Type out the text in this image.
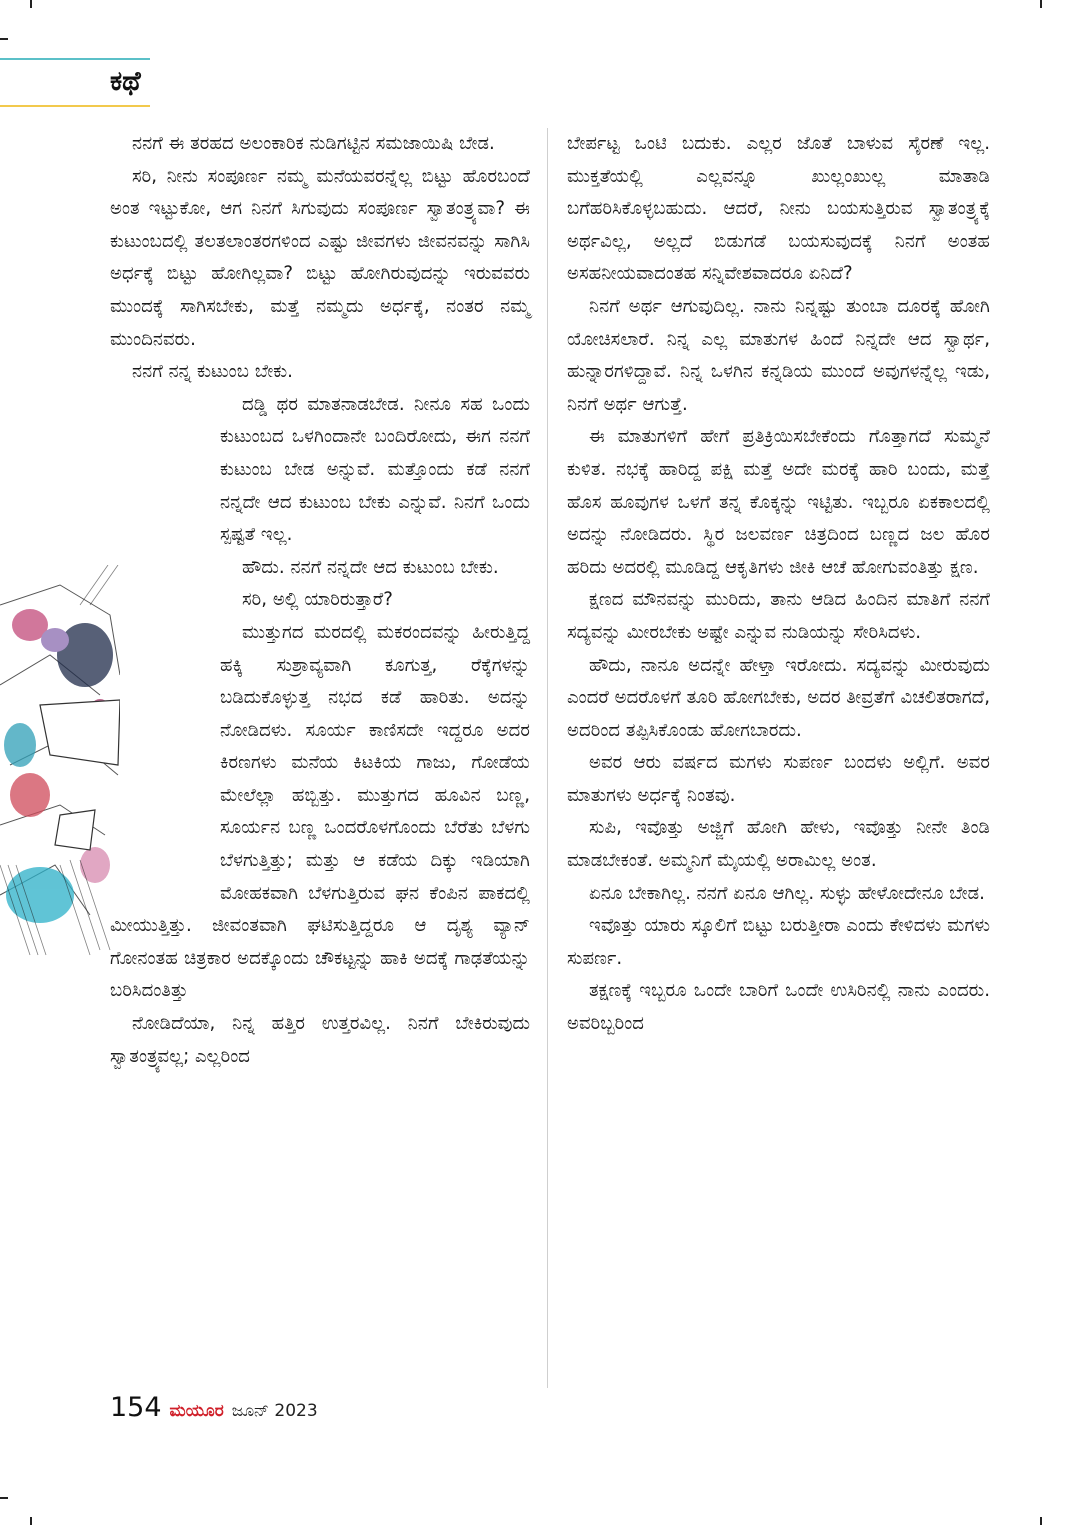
ಕಥೆ

ನನಗೆ ಈ ತರಹದ ಅಲಂಕಾರಿಕ ನುಡಿಗಟ್ಟಿನ ಸಮಜಾಯಿಷಿ ಬೇಡ.

ಸರಿ, ನೀನು ಸಂಪೂರ್ಣ ನಮ್ಮ ಮನೆಯವರನ್ನೆಲ್ಲ ಬಿಟ್ಟು ಹೊರಬಂದೆ ಅಂತ ಇಟ್ಟುಕೋ, ಆಗ ನಿನಗೆ ಸಿಗುವುದು ಸಂಪೂರ್ಣ ಸ್ವಾತಂತ್ರ್ಯವಾ? ಈ ಕುಟುಂಬದಲ್ಲಿ ತಲತಲಾಂತರಗಳಿಂದ ಎಷ್ಟು ಜೀವಗಳು ಜೀವನವನ್ನು ಸಾಗಿಸಿ ಅರ್ಧಕ್ಕೆ ಬಿಟ್ಟು ಹೋಗಿಲ್ಲವಾ? ಬಿಟ್ಟು ಹೋಗಿರುವುದನ್ನು ಇರುವವರು ಮುಂದಕ್ಕೆ ಸಾಗಿಸಬೇಕು, ಮತ್ತೆ ನಮ್ಮದು ಅರ್ಧಕ್ಕೆ, ನಂತರ ನಮ್ಮ ಮುಂದಿನವರು.

ನನಗೆ ನನ್ನ ಕುಟುಂಬ ಬೇಕು.

ದಡ್ಡಿ ಥರ ಮಾತನಾಡಬೇಡ. ನೀನೂ ಸಹ ಒಂದು ಕುಟುಂಬದ ಒಳಗಿಂದಾನೇ ಬಂದಿರೋದು, ಈಗ ನನಗೆ ಕುಟುಂಬ ಬೇಡ ಅನ್ನುವೆ. ಮತ್ತೊಂದು ಕಡೆ ನನಗೆ ನನ್ನದೇ ಆದ ಕುಟುಂಬ ಬೇಕು ಎನ್ನುವೆ. ನಿನಗೆ ಒಂದು ಸ್ಪಷ್ಟತೆ ಇಲ್ಲ.

ಹೌದು. ನನಗೆ ನನ್ನದೇ ಆದ ಕುಟುಂಬ ಬೇಕು.

ಸರಿ, ಅಲ್ಲಿ ಯಾರಿರುತ್ತಾರೆ?

ಮುತ್ತುಗದ ಮರದಲ್ಲಿ ಮಕರಂದವನ್ನು ಹೀರುತ್ತಿದ್ದ ಹಕ್ಕಿ ಸುಶ್ರಾವ್ಯವಾಗಿ ಕೂಗುತ್ತ, ರೆಕ್ಕೆಗಳನ್ನು ಬಡಿದುಕೊಳ್ಳುತ್ತ ನಭದ ಕಡೆ ಹಾರಿತು. ಅದನ್ನು ನೋಡಿದಳು. ಸೂರ್ಯ ಕಾಣಿಸದೇ ಇದ್ದರೂ ಅದರ ಕಿರಣಗಳು ಮನೆಯ ಕಿಟಕಿಯ ಗಾಜು, ಗೋಡೆಯ ಮೇಲೆಲ್ಲಾ ಹಬ್ಬಿತ್ತು. ಮುತ್ತುಗದ ಹೂವಿನ ಬಣ್ಣ, ಸೂರ್ಯನ ಬಣ್ಣ ಒಂದರೊಳಗೊಂದು ಬೆರೆತು ಬೆಳಗು ಬೆಳಗುತ್ತಿತ್ತು; ಮತ್ತು ಆ ಕಡೆಯ ದಿಕ್ಕು ಇಡಿಯಾಗಿ ಮೋಹಕವಾಗಿ ಬೆಳಗುತ್ತಿರುವ ಘನ ಕೆಂಪಿನ ಪಾಕದಲ್ಲಿ ಮೀಯುತ್ತಿತ್ತು. ಜೀವಂತವಾಗಿ ಘಟಿಸುತ್ತಿದ್ದರೂ ಆ ದೃಶ್ಯ ವ್ಯಾನ್ ಗೋನಂತಹ ಚಿತ್ರಕಾರ ಅದಕ್ಕೊಂದು ಚೌಕಟ್ಟನ್ನು ಹಾಕಿ ಅದಕ್ಕೆ ಗಾಢತೆಯನ್ನು ಬರಿಸಿದಂತಿತ್ತು

ನೋಡಿದೆಯಾ, ನಿನ್ನ ಹತ್ತಿರ ಉತ್ತರವಿಲ್ಲ. ನಿನಗೆ ಬೇಕಿರುವುದು ಸ್ವಾತಂತ್ರ್ಯವಲ್ಲ; ಎಲ್ಲರಿಂದ

ಬೇರ್ಪಟ್ಟ ಒಂಟಿ ಬದುಕು. ಎಲ್ಲರ ಜೊತೆ ಬಾಳುವ ಸೈರಣೆ ಇಲ್ಲ. ಮುಕ್ತತೆಯಲ್ಲಿ ಎಲ್ಲವನ್ನೂ ಖುಲ್ಲಂಖುಲ್ಲ ಮಾತಾಡಿ ಬಗೆಹರಿಸಿಕೊಳ್ಳಬಹುದು. ಆದರೆ, ನೀನು ಬಯಸುತ್ತಿರುವ ಸ್ವಾತಂತ್ರ್ಯಕ್ಕೆ ಅರ್ಥವಿಲ್ಲ, ಅಲ್ಲದೆ ಬಿಡುಗಡೆ ಬಯಸುವುದಕ್ಕೆ ನಿನಗೆ ಅಂತಹ ಅಸಹನೀಯವಾದಂತಹ ಸನ್ನಿವೇಶವಾದರೂ ಏನಿದೆ?

ನಿನಗೆ ಅರ್ಥ ಆಗುವುದಿಲ್ಲ. ನಾನು ನಿನ್ನಷ್ಟು ತುಂಬಾ ದೂರಕ್ಕೆ ಹೋಗಿ ಯೋಚಿಸಲಾರೆ. ನಿನ್ನ ಎಲ್ಲ ಮಾತುಗಳ ಹಿಂದೆ ನಿನ್ನದೇ ಆದ ಸ್ವಾರ್ಥ, ಹುನ್ನಾರಗಳಿದ್ದಾವೆ. ನಿನ್ನ ಒಳಗಿನ ಕನ್ನಡಿಯ ಮುಂದೆ ಅವುಗಳನ್ನೆಲ್ಲ ಇಡು, ನಿನಗೆ ಅರ್ಥ ಆಗುತ್ತೆ.

ಈ ಮಾತುಗಳಿಗೆ ಹೇಗೆ ಪ್ರತಿಕ್ರಿಯಿಸಬೇಕೆಂದು ಗೊತ್ತಾಗದೆ ಸುಮ್ಮನೆ ಕುಳಿತ. ನಭಕ್ಕೆ ಹಾರಿದ್ದ ಪಕ್ಷಿ ಮತ್ತೆ ಅದೇ ಮರಕ್ಕೆ ಹಾರಿ ಬಂದು, ಮತ್ತೆ ಹೊಸ ಹೂವುಗಳ ಒಳಗೆ ತನ್ನ ಕೊಕ್ಕನ್ನು ಇಟ್ಟಿತು. ಇಬ್ಬರೂ ಏಕಕಾಲದಲ್ಲಿ ಅದನ್ನು ನೋಡಿದರು. ಸ್ಥಿರ ಜಲವರ್ಣ ಚಿತ್ರದಿಂದ ಬಣ್ಣದ ಜಲ ಹೊರ ಹರಿದು ಅದರಲ್ಲಿ ಮೂಡಿದ್ದ ಆಕೃತಿಗಳು ಜೀಕಿ ಆಚೆ ಹೋಗುವಂತಿತ್ತು ಕ್ಷಣ.

ಕ್ಷಣದ ಮೌನವನ್ನು ಮುರಿದು, ತಾನು ಆಡಿದ ಹಿಂದಿನ ಮಾತಿಗೆ ನನಗೆ ಸದ್ಯವನ್ನು ಮೀರಬೇಕು ಅಷ್ಟೇ ಎನ್ನುವ ನುಡಿಯನ್ನು ಸೇರಿಸಿದಳು.

ಹೌದು, ನಾನೂ ಅದನ್ನೇ ಹೇಳ್ತಾ ಇರೋದು. ಸದ್ಯವನ್ನು ಮೀರುವುದು ಎಂದರೆ ಅದರೊಳಗೆ ತೂರಿ ಹೋಗಬೇಕು, ಅದರ ತೀವ್ರತೆಗೆ ವಿಚಲಿತರಾಗದೆ, ಅದರಿಂದ ತಪ್ಪಿಸಿಕೊಂಡು ಹೋಗಬಾರದು.

ಅವರ ಆರು ವರ್ಷದ ಮಗಳು ಸುಪರ್ಣ ಬಂದಳು ಅಲ್ಲಿಗೆ. ಅವರ ಮಾತುಗಳು ಅರ್ಧಕ್ಕೆ ನಿಂತವು.

ಸುಪಿ, ಇವೊತ್ತು ಅಜ್ಜಿಗೆ ಹೋಗಿ ಹೇಳು, ಇವೊತ್ತು ನೀನೇ ತಿಂಡಿ ಮಾಡಬೇಕಂತೆ. ಅಮ್ಮನಿಗೆ ಮೈಯಲ್ಲಿ ಅರಾಮಿಲ್ಲ ಅಂತ.

ಏನೂ ಬೇಕಾಗಿಲ್ಲ. ನನಗೆ ಏನೂ ಆಗಿಲ್ಲ. ಸುಳ್ಳು ಹೇಳೋದೇನೂ ಬೇಡ.

ಇವೊತ್ತು ಯಾರು ಸ್ಕೂಲಿಗೆ ಬಿಟ್ಟು ಬರುತ್ತೀರಾ ಎಂದು ಕೇಳಿದಳು ಮಗಳು ಸುಪರ್ಣ.

ತಕ್ಷಣಕ್ಕೆ ಇಬ್ಬರೂ ಒಂದೇ ಬಾರಿಗೆ ಒಂದೇ ಉಸಿರಿನಲ್ಲಿ ನಾನು ಎಂದರು. ಅವರಿಬ್ಬರಿಂದ

154 ಮಯೂರ ಜೂನ್ 2023
